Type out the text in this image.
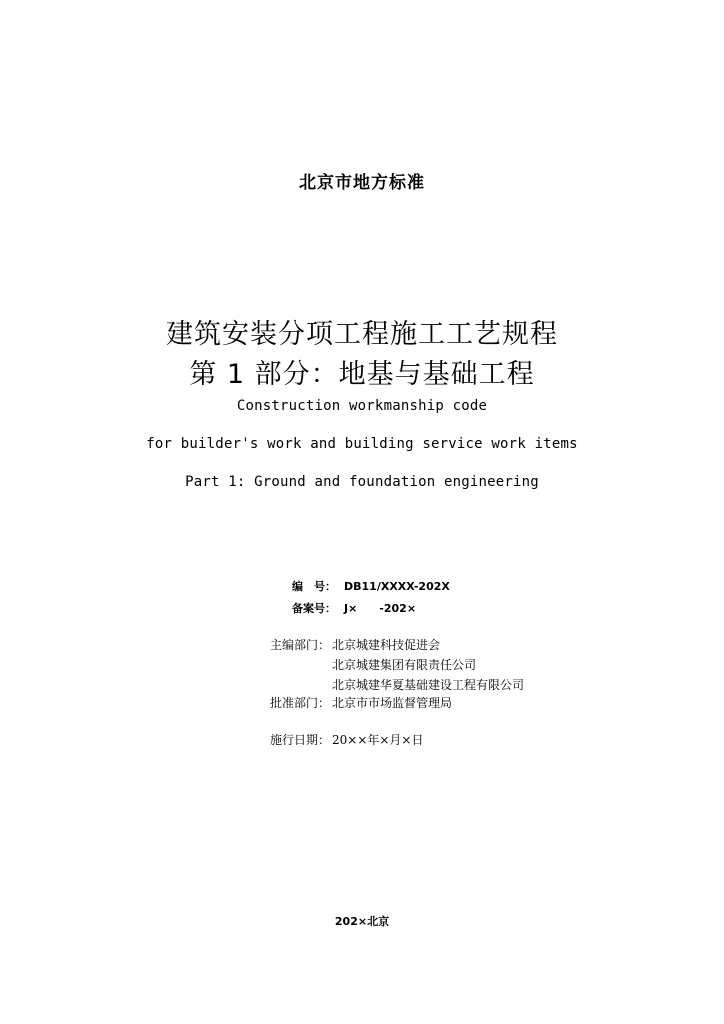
北京市地方标准
建筑安装分项工程施工工艺规程
第 1 部分：地基与基础工程
Construction workmanship code
for builder's work and building service work items
Part 1: Ground and foundation engineering
编　号： DB11/XXXX-202X
备案号： J×　　-202×
主编部门： 北京城建科技促进会
北京城建集团有限责任公司
北京城建华夏基础建设工程有限公司
批准部门： 北京市市场监督管理局
施行日期： 20××年×月×日
202×北京
